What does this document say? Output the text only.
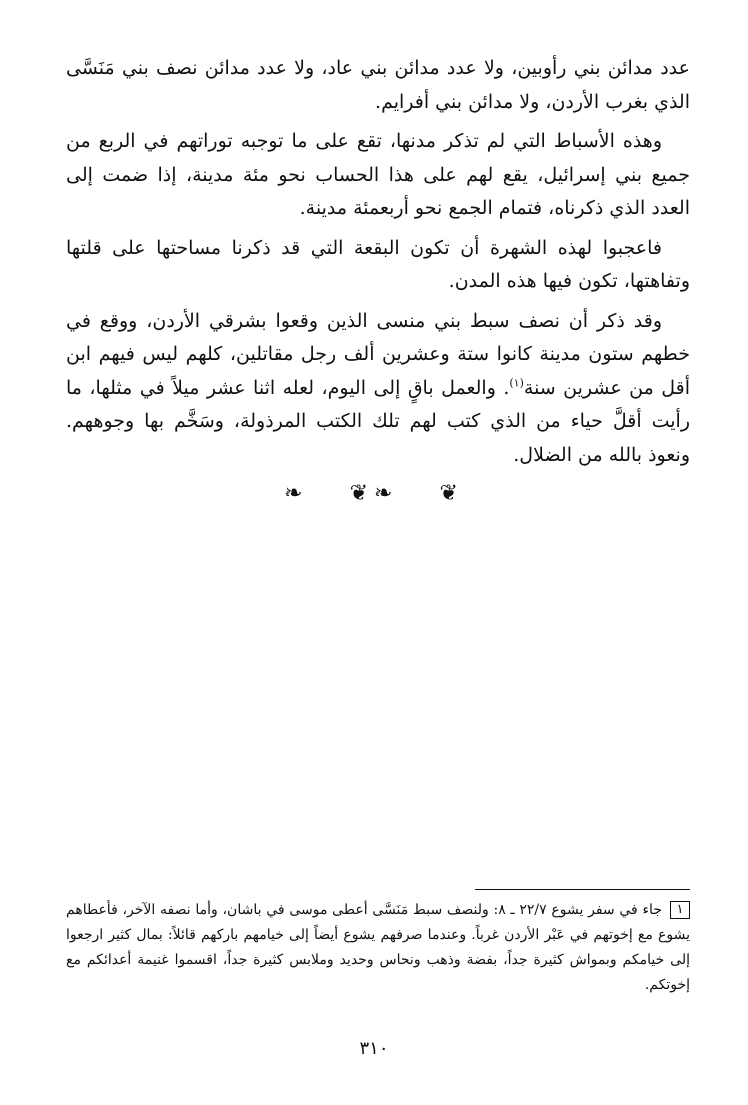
عدد مدائن بني رأوبين، ولا عدد مدائن بني عاد، ولا عدد مدائن نصف بني مَنَسَّى الذي بغرب الأردن، ولا مدائن بني أفرايم.

وهذه الأسباط التي لم تذكر مدنها، تقع على ما توجبه توراتهم في الربع من جميع بني إسرائيل، يقع لهم على هذا الحساب نحو مئة مدينة، إذا ضمت إلى العدد الذي ذكرناه، فتمام الجمع نحو أربعمئة مدينة.

فاعجبوا لهذه الشهرة أن تكون البقعة التي قد ذكرنا مساحتها على قلتها وتفاهتها، تكون فيها هذه المدن.

وقد ذكر أن نصف سبط بني منسى الذين وقعوا بشرقي الأردن، ووقع في خطهم ستون مدينة كانوا ستة وعشرين ألف رجل مقاتلين، كلهم ليس فيهم ابن أقل من عشرين سنة$^{(١)}$. والعمل باقٍ إلى اليوم، لعله اثنا عشر ميلاً في مثلها، ما رأيت أقلَّ حياء من الذي كتب لهم تلك الكتب المرذولة، وسَخَّم بها وجوههم. ونعوذ بالله من الضلال.

❧ ❦❧ ❦
١جاء في سفر يشوع ٢٢/٧ ـ ٨: ولنصف سبط مَنَسَّى أعطى موسى في باشان، وأما نصفه الآخر، فأعطاهم يشوع مع إخوتهم في عَبْر الأردن غرباً. وعندما صرفهم يشوع أيضاً إلى خيامهم باركهم قائلاً: بمال كثير ارجعوا إلى خيامكم وبمواش كثيرة جداً، بفضة وذهب ونحاس وحديد وملابس كثيرة جداً، اقسموا غنيمة أعدائكم مع إخوتكم.
٣١٠
